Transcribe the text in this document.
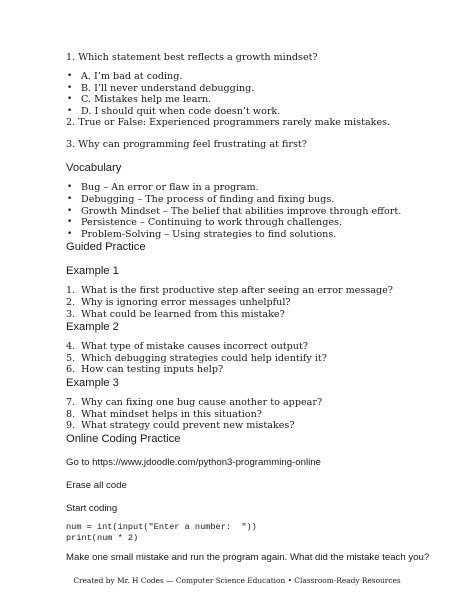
1. Which statement best reflects a growth mindset?

• A. I’m bad at coding.
• B. I’ll never understand debugging.
• C. Mistakes help me learn.
• D. I should quit when code doesn’t work.

2. True or False: Experienced programmers rarely make mistakes.

3. Why can programming feel frustrating at first?

Vocabulary

• Bug – An error or flaw in a program.
• Debugging – The process of finding and fixing bugs.
• Growth Mindset – The belief that abilities improve through effort.
• Persistence – Continuing to work through challenges.
• Problem-Solving – Using strategies to find solutions.

Guided Practice

Example 1

1. What is the first productive step after seeing an error message?
2. Why is ignoring error messages unhelpful?
3. What could be learned from this mistake?

Example 2

4. What type of mistake causes incorrect output?
5. Which debugging strategies could help identify it?
6. How can testing inputs help?

Example 3

7. Why can fixing one bug cause another to appear?
8. What mindset helps in this situation?
9. What strategy could prevent new mistakes?

Online Coding Practice

Go to https://www.jdoodle.com/python3-programming-online

Erase all code

Start coding

num = int(input("Enter a number:  "))

print(num * 2)

Make one small mistake and run the program again. What did the mistake teach you?

Created by Mr. H Codes — Computer Science Education • Classroom-Ready Resources
